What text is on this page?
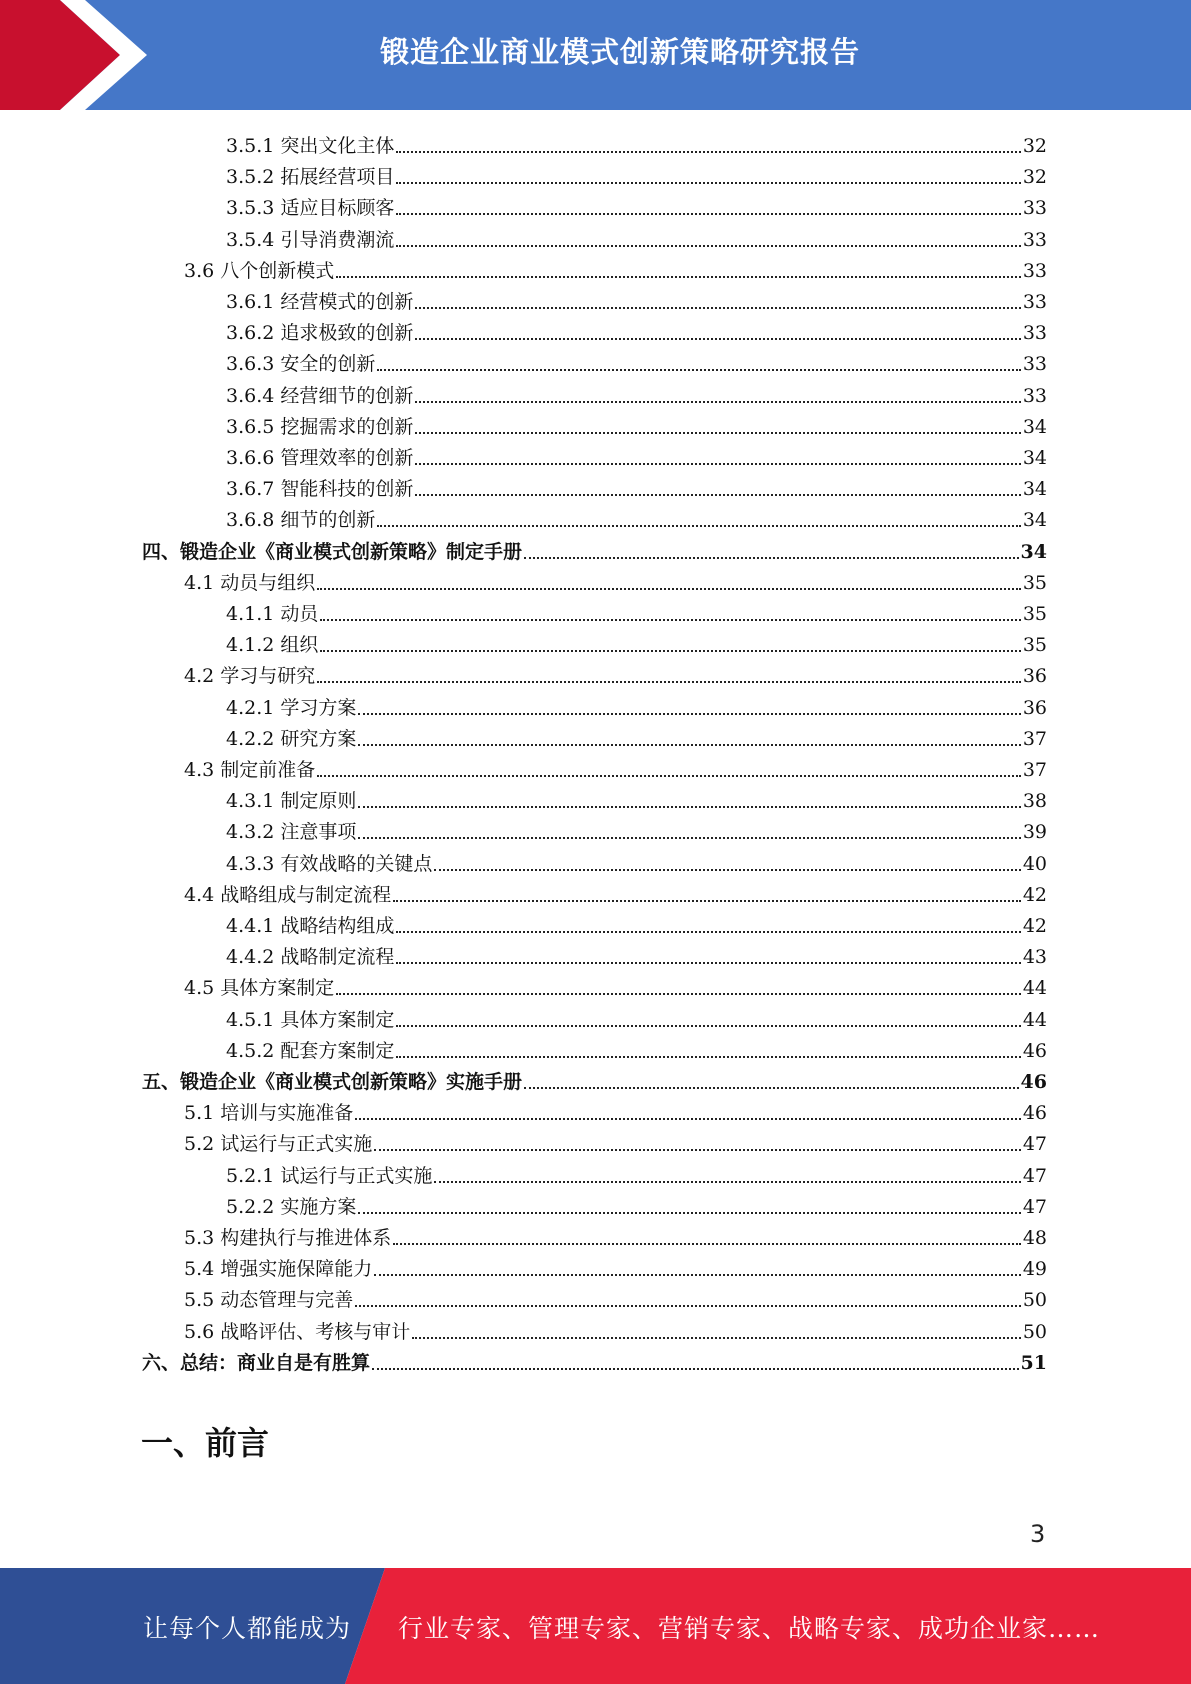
锻造企业商业模式创新策略研究报告
3.5.1 突出文化主体	32
3.5.2 拓展经营项目	32
3.5.3 适应目标顾客	33
3.5.4 引导消费潮流	33
3.6 八个创新模式	33
3.6.1 经营模式的创新	33
3.6.2 追求极致的创新	33
3.6.3 安全的创新	33
3.6.4 经营细节的创新	33
3.6.5 挖掘需求的创新	34
3.6.6 管理效率的创新	34
3.6.7 智能科技的创新	34
3.6.8 细节的创新	34
四、锻造企业《商业模式创新策略》制定手册	34
4.1 动员与组织	35
4.1.1 动员	35
4.1.2 组织	35
4.2 学习与研究	36
4.2.1 学习方案	36
4.2.2 研究方案	37
4.3 制定前准备	37
4.3.1 制定原则	38
4.3.2 注意事项	39
4.3.3 有效战略的关键点	40
4.4 战略组成与制定流程	42
4.4.1 战略结构组成	42
4.4.2 战略制定流程	43
4.5 具体方案制定	44
4.5.1 具体方案制定	44
4.5.2 配套方案制定	46
五、锻造企业《商业模式创新策略》实施手册	46
5.1 培训与实施准备	46
5.2 试运行与正式实施	47
5.2.1 试运行与正式实施	47
5.2.2 实施方案	47
5.3 构建执行与推进体系	48
5.4 增强实施保障能力	49
5.5 动态管理与完善	50
5.6 战略评估、考核与审计	50
六、总结：商业自是有胜算	51
一、前言
3
让每个人都能成为 行业专家、管理专家、营销专家、战略专家、成功企业家……
